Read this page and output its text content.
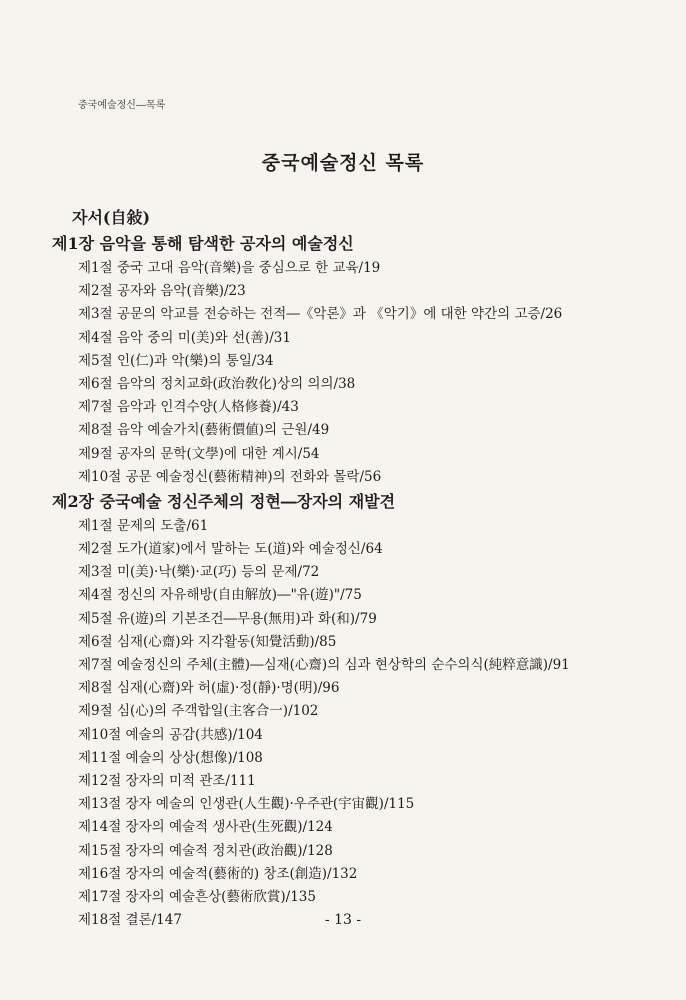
중국예술정신―목록
중국예술정신 목록
자서(自敍)
제1장 음악을 통해 탐색한 공자의 예술정신
제1절 중국 고대 음악(音樂)을 중심으로 한 교육/19
제2절 공자와 음악(音樂)/23
제3절 공문의 악교를 전승하는 전적―《악론》과 《악기》에 대한 약간의 고증/26
제4절 음악 중의 미(美)와 선(善)/31
제5절 인(仁)과 악(樂)의 통일/34
제6절 음악의 정치교화(政治敎化)상의 의의/38
제7절 음악과 인격수양(人格修養)/43
제8절 음악 예술가치(藝術價値)의 근원/49
제9절 공자의 문학(文學)에 대한 계시/54
제10절 공문 예술정신(藝術精神)의 전화와 몰락/56
제2장 중국예술 정신주체의 정현―장자의 재발견
제1절 문제의 도출/61
제2절 도가(道家)에서 말하는 도(道)와 예술정신/64
제3절 미(美)·낙(樂)·교(巧) 등의 문제/72
제4절 정신의 자유해방(自由解放)―"유(遊)"/75
제5절 유(遊)의 기본조건―무용(無用)과 화(和)/79
제6절 심재(心齋)와 지각활동(知覺活動)/85
제7절 예술정신의 주체(主體)―심재(心齋)의 심과 현상학의 순수의식(純粹意識)/91
제8절 심재(心齋)와 허(虛)·정(靜)·명(明)/96
제9절 심(心)의 주객합일(主客合一)/102
제10절 예술의 공감(共感)/104
제11절 예술의 상상(想像)/108
제12절 장자의 미적 관조/111
제13절 장자 예술의 인생관(人生觀)·우주관(宇宙觀)/115
제14절 장자의 예술적 생사관(生死觀)/124
제15절 장자의 예술적 정치관(政治觀)/128
제16절 장자의 예술적(藝術的) 창조(創造)/132
제17절 장자의 예술흔상(藝術欣賞)/135
제18절 결론/147	- 13 -
